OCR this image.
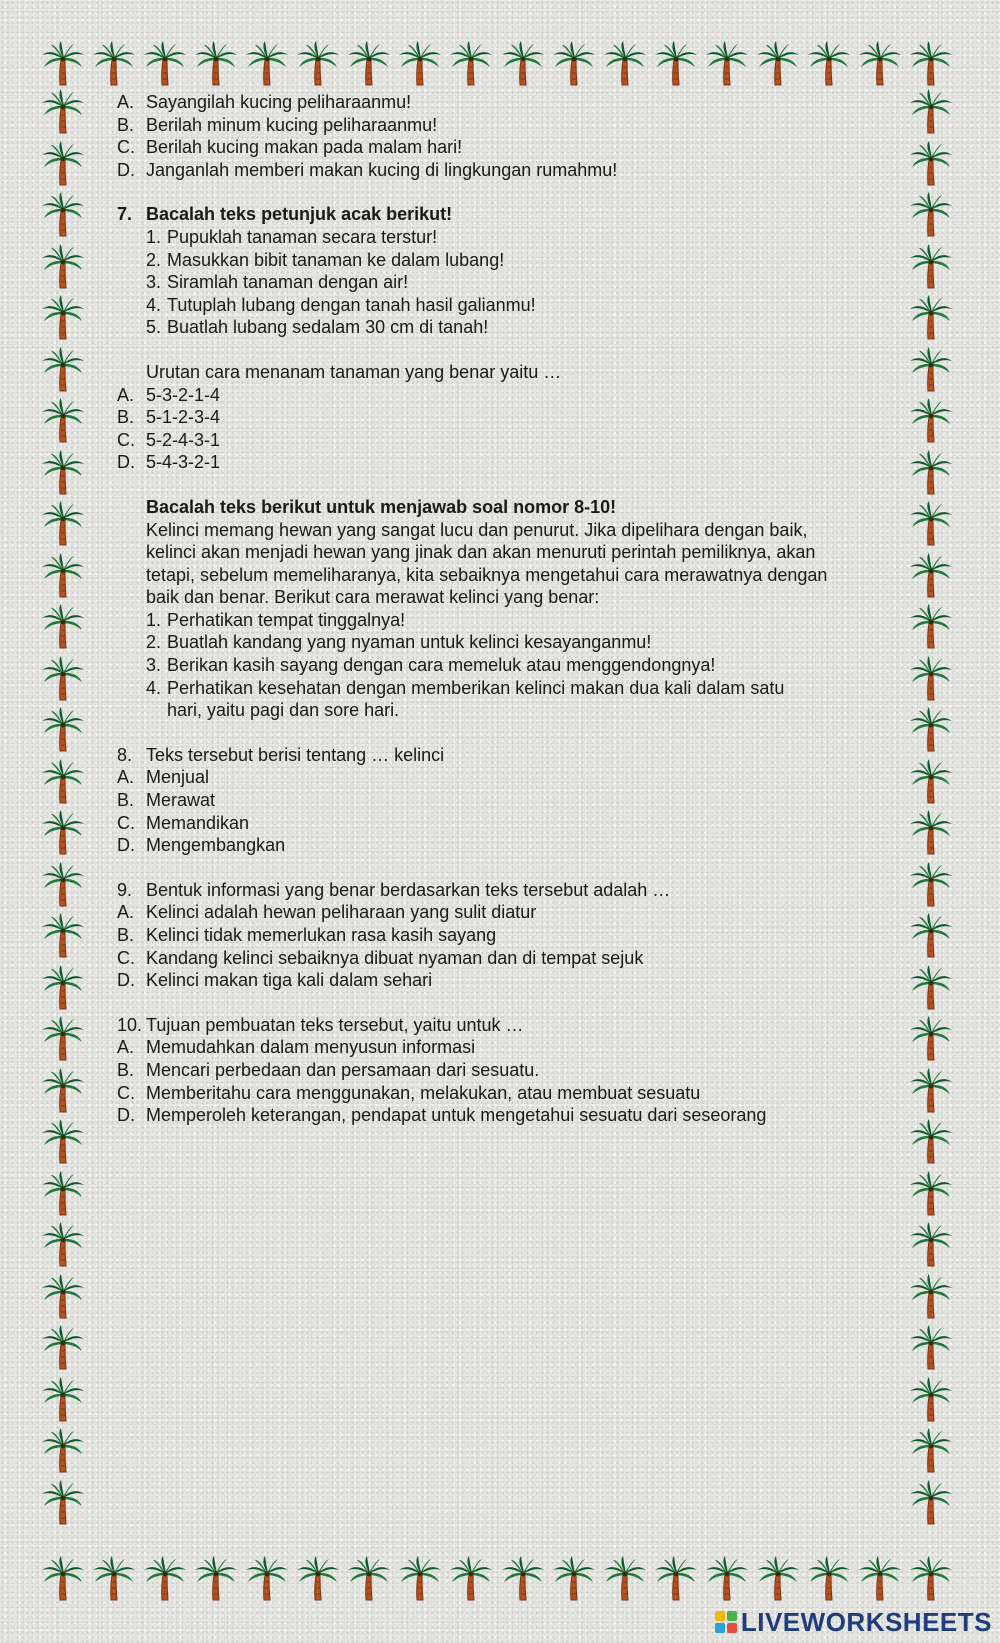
A. Sayangilah kucing peliharaanmu!
B. Berilah minum kucing peliharaanmu!
C. Berilah kucing makan pada malam hari!
D. Janganlah memberi makan kucing di lingkungan rumahmu!
7. Bacalah teks petunjuk acak berikut!
1. Pupuklah tanaman secara terstur!
2. Masukkan bibit tanaman ke dalam lubang!
3. Siramlah tanaman dengan air!
4. Tutuplah lubang dengan tanah hasil galianmu!
5. Buatlah lubang sedalam 30 cm di tanah!
Urutan cara menanam tanaman yang benar yaitu …
A. 5-3-2-1-4
B. 5-1-2-3-4
C. 5-2-4-3-1
D. 5-4-3-2-1
Bacalah teks berikut untuk menjawab soal nomor 8-10!
Kelinci memang hewan yang sangat lucu dan penurut. Jika dipelihara dengan baik,
kelinci akan menjadi hewan yang jinak dan akan menuruti perintah pemiliknya, akan
tetapi, sebelum memeliharanya, kita sebaiknya mengetahui cara merawatnya dengan
baik dan benar. Berikut cara merawat kelinci yang benar:
1. Perhatikan tempat tinggalnya!
2. Buatlah kandang yang nyaman untuk kelinci kesayanganmu!
3. Berikan kasih sayang dengan cara memeluk atau menggendongnya!
4. Perhatikan kesehatan dengan memberikan kelinci makan dua kali dalam satu
hari, yaitu pagi dan sore hari.
8. Teks tersebut berisi tentang … kelinci
A. Menjual
B. Merawat
C. Memandikan
D. Mengembangkan
9. Bentuk informasi yang benar berdasarkan teks tersebut adalah …
A. Kelinci adalah hewan peliharaan yang sulit diatur
B. Kelinci tidak memerlukan rasa kasih sayang
C. Kandang kelinci sebaiknya dibuat nyaman dan di tempat sejuk
D. Kelinci makan tiga kali dalam sehari
10. Tujuan pembuatan teks tersebut, yaitu untuk …
A. Memudahkan dalam menyusun informasi
B. Mencari perbedaan dan persamaan dari sesuatu.
C. Memberitahu cara menggunakan, melakukan, atau membuat sesuatu
D. Memperoleh keterangan, pendapat untuk mengetahui sesuatu dari seseorang
LIVEWORKSHEETS
